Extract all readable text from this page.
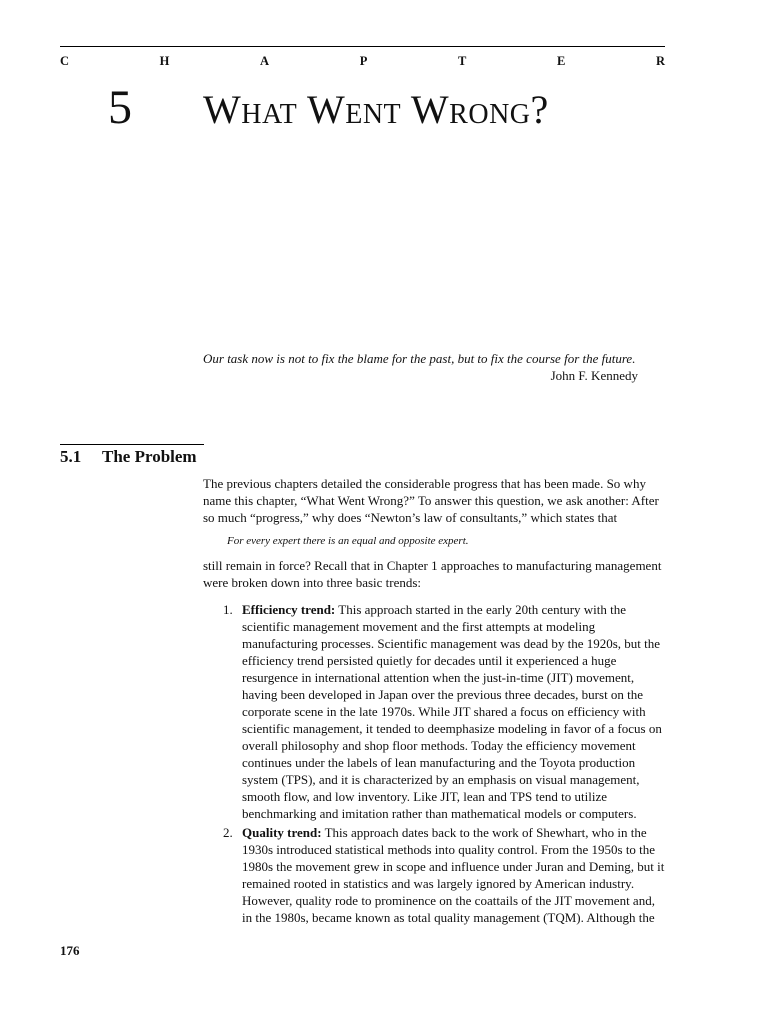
C	H	A	P	T	E	R
5 What Went Wrong?
Our task now is not to fix the blame for the past, but to fix the course for the future.
John F. Kennedy
5.1 The Problem

The previous chapters detailed the considerable progress that has been made. So why name this chapter, “What Went Wrong?” To answer this question, we ask another: After so much “progress,” why does “Newton’s law of consultants,” which states that

For every expert there is an equal and opposite expert.

still remain in force? Recall that in Chapter 1 approaches to manufacturing management were broken down into three basic trends:

1. Efficiency trend: This approach started in the early 20th century with the scientific management movement and the first attempts at modeling manufacturing processes. Scientific management was dead by the 1920s, but the efficiency trend persisted quietly for decades until it experienced a huge resurgence in international attention when the just-in-time (JIT) movement, having been developed in Japan over the previous three decades, burst on the corporate scene in the late 1970s. While JIT shared a focus on efficiency with scientific management, it tended to deemphasize modeling in favor of a focus on overall philosophy and shop floor methods. Today the efficiency movement continues under the labels of lean manufacturing and the Toyota production system (TPS), and it is characterized by an emphasis on visual management, smooth flow, and low inventory. Like JIT, lean and TPS tend to utilize benchmarking and imitation rather than mathematical models or computers.
2. Quality trend: This approach dates back to the work of Shewhart, who in the 1930s introduced statistical methods into quality control. From the 1950s to the 1980s the movement grew in scope and influence under Juran and Deming, but it remained rooted in statistics and was largely ignored by American industry. However, quality rode to prominence on the coattails of the JIT movement and, in the 1980s, became known as total quality management (TQM). Although the
176
